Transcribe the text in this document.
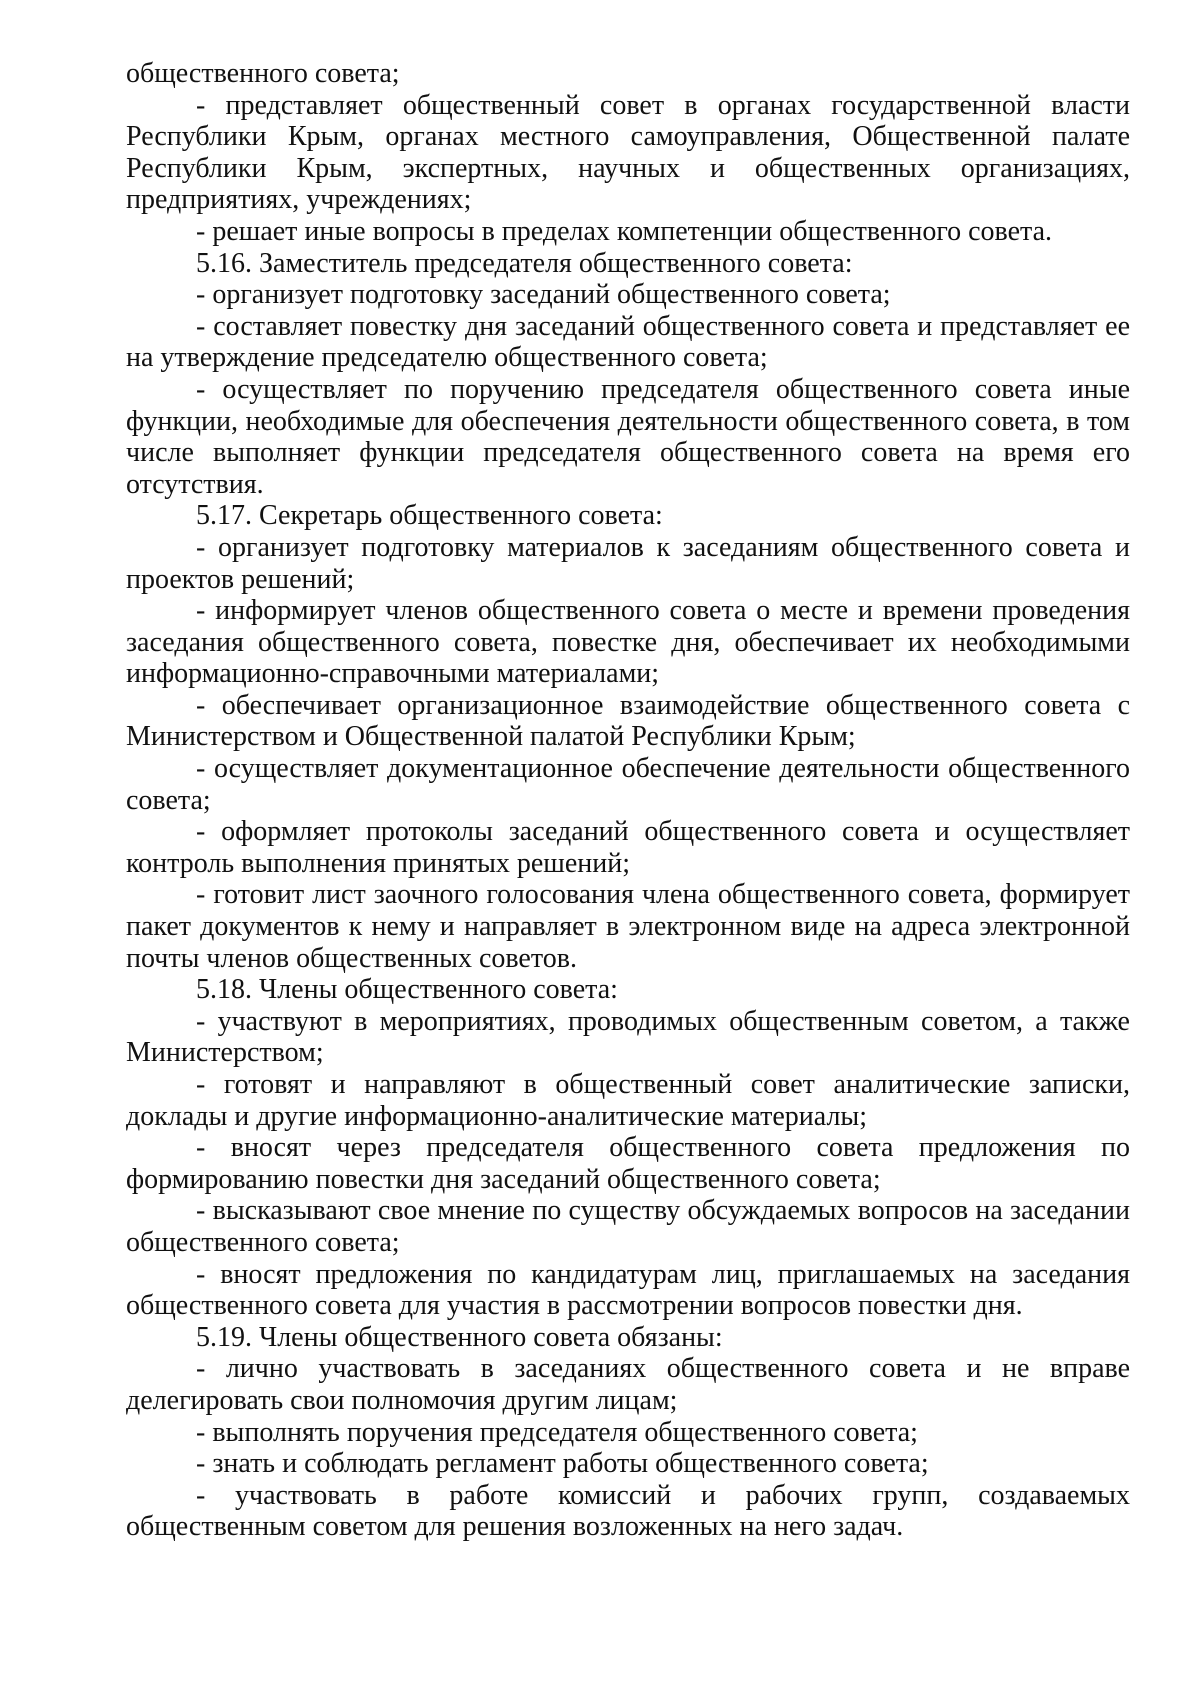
общественного совета;

- представляет общественный совет в органах государственной власти Республики Крым, органах местного самоуправления, Общественной палате Республики Крым, экспертных, научных и общественных организациях, предприятиях, учреждениях;

- решает иные вопросы в пределах компетенции общественного совета.

5.16. Заместитель председателя общественного совета:

- организует подготовку заседаний общественного совета;

- составляет повестку дня заседаний общественного совета и представляет ее на утверждение председателю общественного совета;

- осуществляет по поручению председателя общественного совета иные функции, необходимые для обеспечения деятельности общественного совета, в том числе выполняет функции председателя общественного совета на время его отсутствия.

5.17. Секретарь общественного совета:

- организует подготовку материалов к заседаниям общественного совета и проектов решений;

- информирует членов общественного совета о месте и времени проведения заседания общественного совета, повестке дня, обеспечивает их необходимыми информационно-справочными материалами;

- обеспечивает организационное взаимодействие общественного совета с Министерством и Общественной палатой Республики Крым;

- осуществляет документационное обеспечение деятельности общественного совета;

- оформляет протоколы заседаний общественного совета и осуществляет контроль выполнения принятых решений;

- готовит лист заочного голосования члена общественного совета, формирует пакет документов к нему и направляет в электронном виде на адреса электронной почты членов общественных советов.

5.18. Члены общественного совета:

- участвуют в мероприятиях, проводимых общественным советом, а также Министерством;

- готовят и направляют в общественный совет аналитические записки, доклады и другие информационно-аналитические материалы;

- вносят через председателя общественного совета предложения по формированию повестки дня заседаний общественного совета;

- высказывают свое мнение по существу обсуждаемых вопросов на заседании общественного совета;

- вносят предложения по кандидатурам лиц, приглашаемых на заседания общественного совета для участия в рассмотрении вопросов повестки дня.

5.19. Члены общественного совета обязаны:

- лично участвовать в заседаниях общественного совета и не вправе делегировать свои полномочия другим лицам;

- выполнять поручения председателя общественного совета;

- знать и соблюдать регламент работы общественного совета;

- участвовать в работе комиссий и рабочих групп, создаваемых общественным советом для решения возложенных на него задач.
